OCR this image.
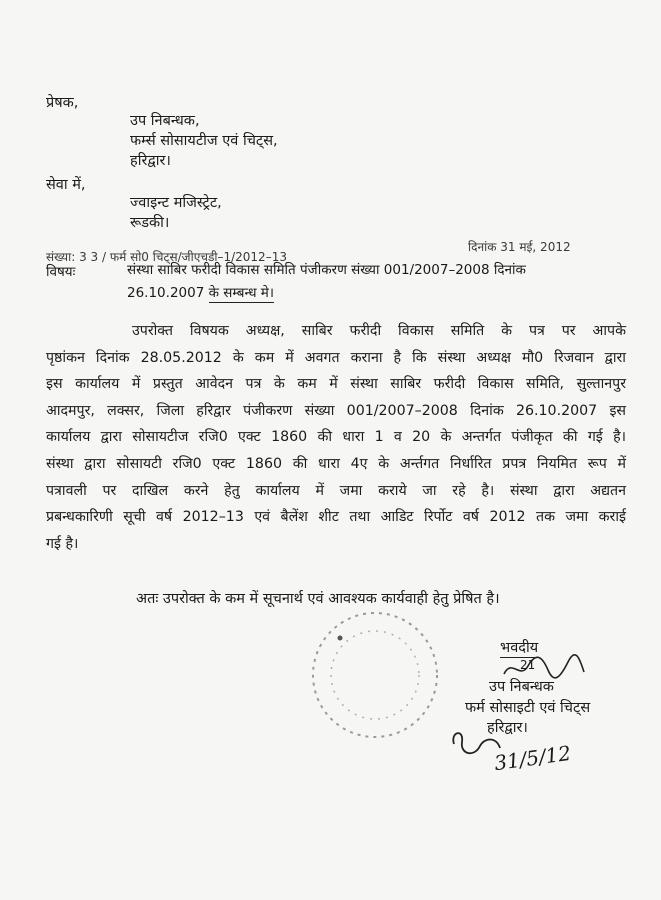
प्रेषक,
उप निबन्धक,
फर्म्स सोसायटीज एवं चिट्स,
हरिद्वार।
सेवा में,
ज्वाइन्ट मजिस्ट्रेट,
रूडकी।
संख्या: 3 3 / फर्म सो0 चिट्स/जीएचडी–1/2012–13
दिनांक 31 मई, 2012
विषयः	संस्था साबिर फरीदी विकास समिति पंजीकरण संख्या 001/2007–2008 दिनांक
26.10.2007 के सम्बन्ध मे।
उपरोक्त विषयक अध्यक्ष, साबिर फरीदी विकास समिति के पत्र पर आपके
पृष्ठांकन दिनांक 28.05.2012 के कम में अवगत कराना है कि संस्था अध्यक्ष मौ0 रिजवान द्वारा
इस कार्यालय में प्रस्तुत आवेदन पत्र के कम में संस्था साबिर फरीदी विकास समिति, सुल्तानपुर
आदमपुर, लक्सर, जिला हरिद्वार पंजीकरण संख्या 001/2007–2008 दिनांक 26.10.2007 इस
कार्यालय द्वारा सोसायटीज रजि0 एक्ट 1860 की धारा 1 व 20 के अन्तर्गत पंजीकृत की गई है।
संस्था द्वारा सोसायटी रजि0 एक्ट 1860 की धारा 4ए के अर्न्तगत निर्धारित प्रपत्र नियमित रूप में
पत्रावली पर दाखिल करने हेतु कार्यालय में जमा कराये जा रहे है। संस्था द्वारा अद्यतन
प्रबन्धकारिणी सूची वर्ष 2012–13 एवं बैलेंश शीट तथा आडिट रिर्पोट वर्ष 2012 तक जमा कराई
गई है।
अतः उपरोक्त के कम में सूचनार्थ एवं आवश्यक कार्यवाही हेतु प्रेषित है।
भवदीय
21
उप निबन्धक
फर्म सोसाइटी एवं चिट्स
हरिद्वार।
31/5/12
